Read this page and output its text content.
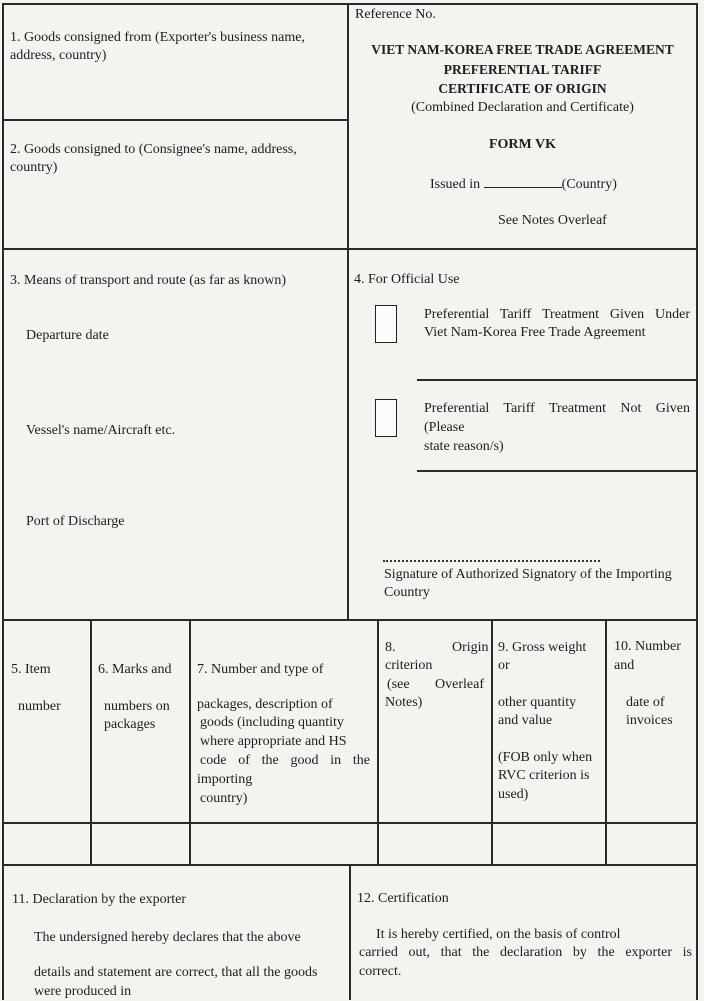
Reference No.
VIET NAM-KOREA FREE TRADE AGREEMENT
PREFERENTIAL TARIFF
CERTIFICATE OF ORIGIN
(Combined Declaration and Certificate)
FORM VK
Issued in	(Country)
See Notes Overleaf
1. Goods consigned from (Exporter's business name,
address, country)
2. Goods consigned to (Consignee's name, address,
country)
3. Means of transport and route (as far as known)
Departure date
Vessel's name/Aircraft etc.
Port of Discharge
4. For Official Use
Preferential Tariff Treatment Given Under
Viet Nam-Korea Free Trade Agreement
Preferential Tariff Treatment Not Given
(Please
state reason/s)
Signature of Authorized Signatory of the Importing
Country
5. Item
number
6. Marks and
numbers on
packages
7. Number and type of
packages, description of
goods (including quantity
where appropriate and HS
code of the good in the
importing
country)
8.	Origin
criterion
(see Overleaf
Notes)
9. Gross weight
or
other quantity
and value
(FOB only when
RVC criterion is
used)
10. Number
and
date of
invoices
11. Declaration by the exporter
The undersigned hereby declares that the above
details and statement are correct, that all the goods
were produced in
12. Certification
It is hereby certified, on the basis of control
carried out, that the declaration by the exporter is
correct.
